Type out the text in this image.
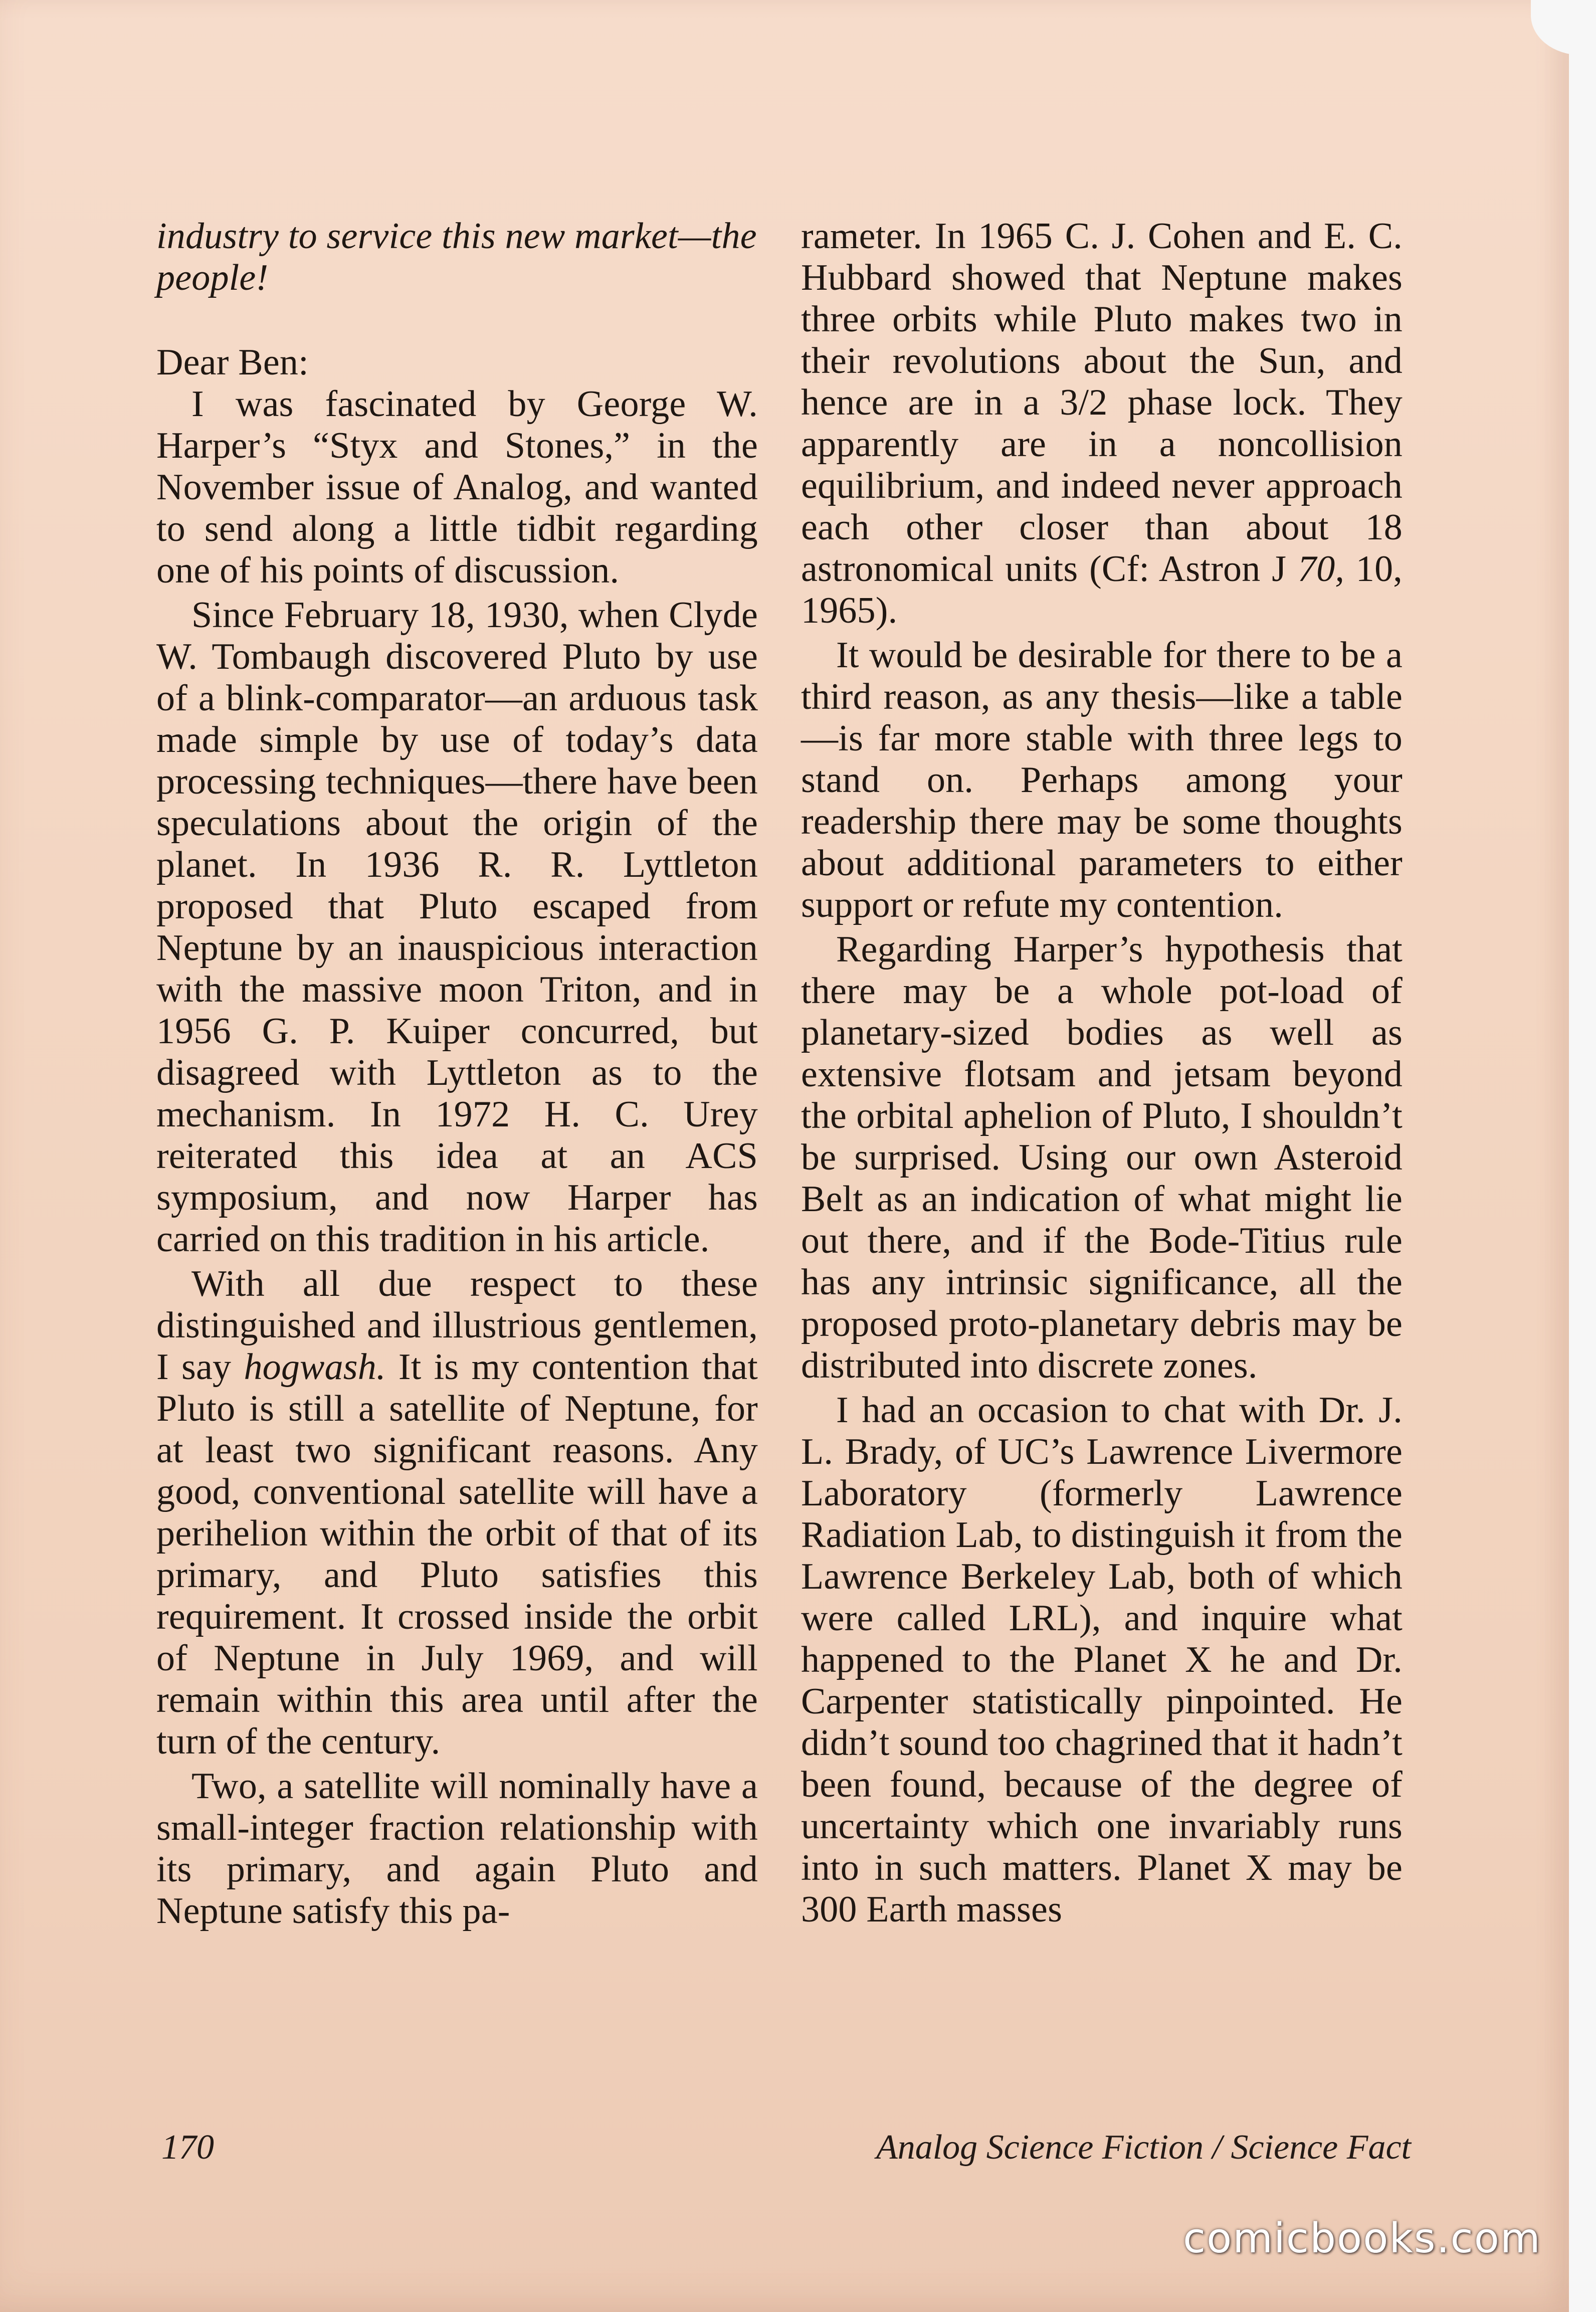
industry to service this new market—the people!

Dear Ben:

I was fascinated by George W. Harper’s “Styx and Stones,” in the November issue of Analog, and wanted to send along a little tidbit regarding one of his points of discussion.

Since February 18, 1930, when Clyde W. Tombaugh discovered Pluto by use of a blink-comparator—an arduous task made simple by use of today’s data processing techniques—there have been speculations about the origin of the planet. In 1936 R. R. Lyttleton proposed that Pluto escaped from Neptune by an inauspicious interaction with the massive moon Triton, and in 1956 G. P. Kuiper concurred, but disagreed with Lyttleton as to the mechanism. In 1972 H. C. Urey reiterated this idea at an ACS symposium, and now Harper has carried on this tradition in his article.

With all due respect to these distinguished and illustrious gentlemen, I say hogwash. It is my contention that Pluto is still a satellite of Neptune, for at least two significant reasons. Any good, conventional satellite will have a perihelion within the orbit of that of its primary, and Pluto satisfies this requirement. It crossed inside the orbit of Neptune in July 1969, and will remain within this area until after the turn of the century.

Two, a satellite will nominally have a small-integer fraction relationship with its primary, and again Pluto and Neptune satisfy this pa-

rameter. In 1965 C. J. Cohen and E. C. Hubbard showed that Neptune makes three orbits while Pluto makes two in their revolutions about the Sun, and hence are in a 3/2 phase lock. They apparently are in a noncollision equilibrium, and indeed never approach each other closer than about 18 astronomical units (Cf: Astron J 70, 10, 1965).

It would be desirable for there to be a third reason, as any thesis—like a table—is far more stable with three legs to stand on. Perhaps among your readership there may be some thoughts about additional parameters to either support or refute my contention.

Regarding Harper’s hypothesis that there may be a whole pot-load of planetary-sized bodies as well as extensive flotsam and jetsam beyond the orbital aphelion of Pluto, I shouldn’t be surprised. Using our own Asteroid Belt as an indication of what might lie out there, and if the Bode-Titius rule has any intrinsic significance, all the proposed proto-planetary debris may be distributed into discrete zones.

I had an occasion to chat with Dr. J. L. Brady, of UC’s Lawrence Livermore Laboratory (formerly Lawrence Radiation Lab, to distinguish it from the Lawrence Berkeley Lab, both of which were called LRL), and inquire what happened to the Planet X he and Dr. Carpenter statistically pinpointed. He didn’t sound too chagrined that it hadn’t been found, because of the degree of uncertainty which one invariably runs into in such matters. Planet X may be 300 Earth masses

170	Analog Science Fiction / Science Fact
comicbooks.com
